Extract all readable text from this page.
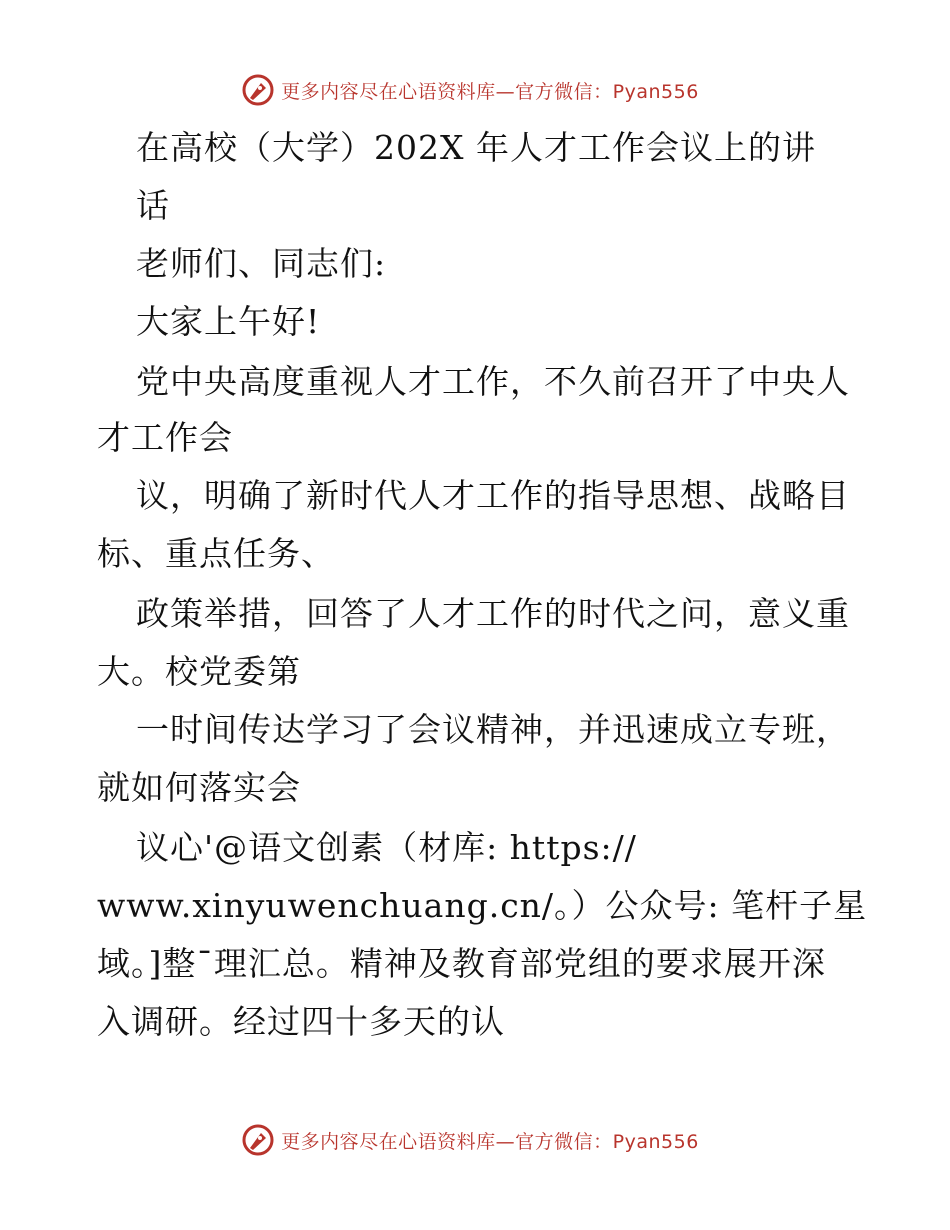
更多内容尽在心语资料库—官方微信：Pyan556
在高校（大学）202X 年人才工作会议上的讲
话
老师们、同志们:
大家上午好!
党中央高度重视人才工作，不久前召开了中央人
才工作会
议，明确了新时代人才工作的指导思想、战略目
标、重点任务、
政策举措，回答了人才工作的时代之问，意义重
大。校党委第
一时间传达学习了会议精神，并迅速成立专班，
就如何落实会
议心'@语文创素（材库: https://
www.xinyuwenchuang.cn/。）公众号: 笔杆子星
域。]整¯理汇总。精神及教育部党组的要求展开深
入调研。经过四十多天的认
更多内容尽在心语资料库—官方微信：Pyan556
